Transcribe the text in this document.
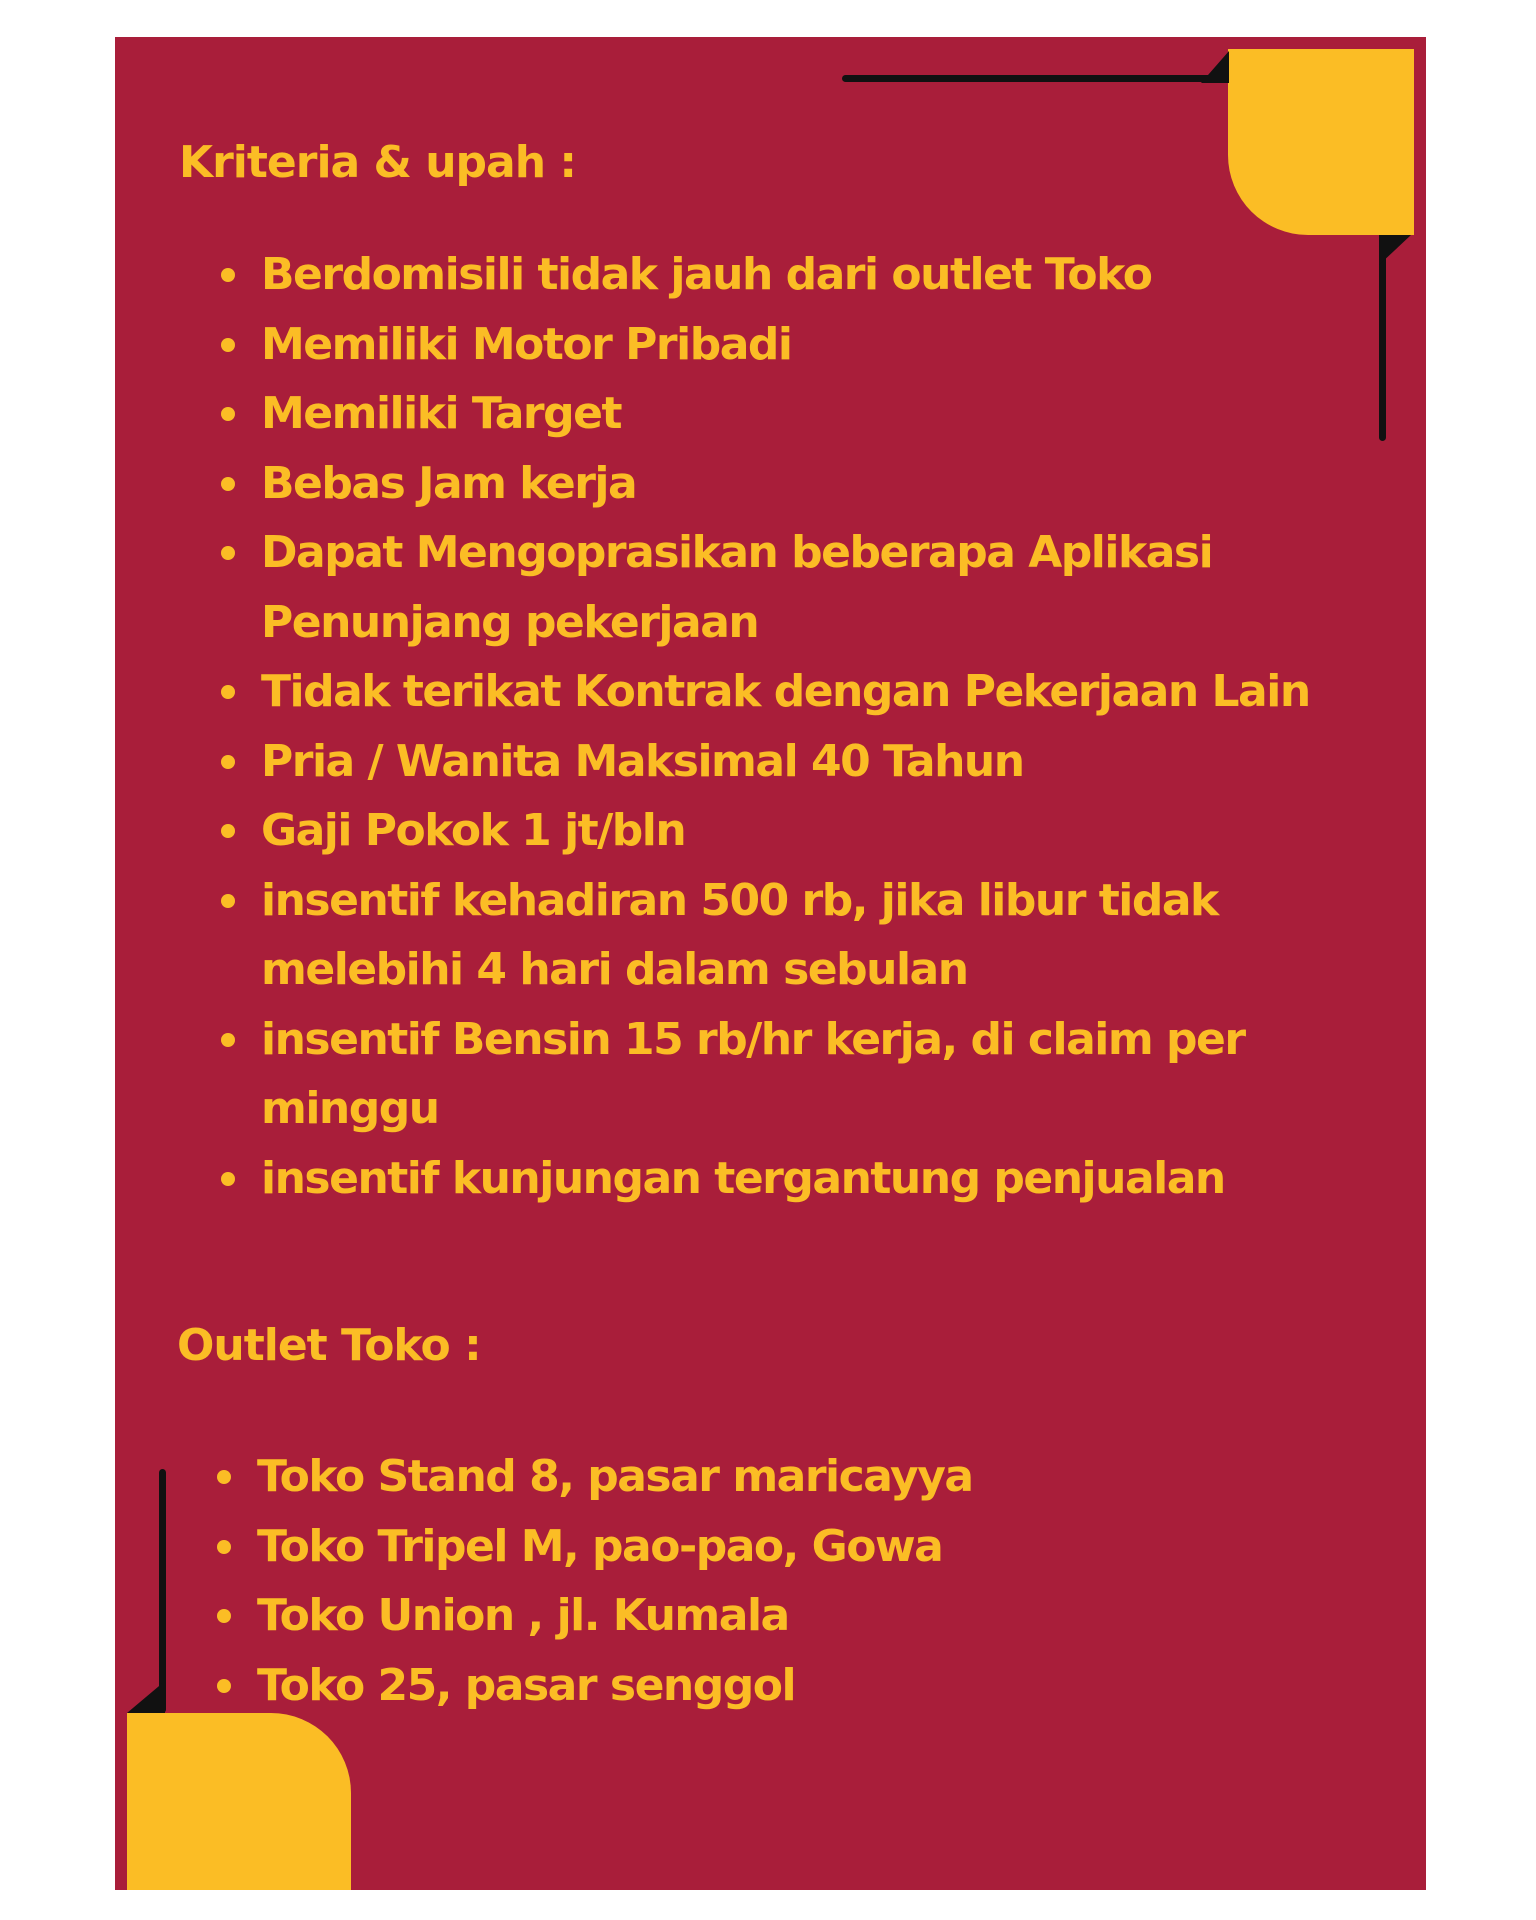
Kriteria & upah :
Berdomisili tidak jauh dari outlet Toko
Memiliki Motor Pribadi
Memiliki Target
Bebas Jam kerja
Dapat Mengoprasikan beberapa Aplikasi Penunjang pekerjaan
Tidak terikat Kontrak dengan Pekerjaan Lain
Pria / Wanita Maksimal 40 Tahun
Gaji Pokok 1 jt/bln
insentif kehadiran 500 rb, jika libur tidak melebihi 4 hari dalam sebulan
insentif Bensin 15 rb/hr kerja, di claim per minggu
insentif kunjungan tergantung penjualan
Outlet Toko :
Toko Stand 8, pasar maricayya
Toko Tripel M, pao-pao, Gowa
Toko Union , jl. Kumala
Toko 25, pasar senggol
